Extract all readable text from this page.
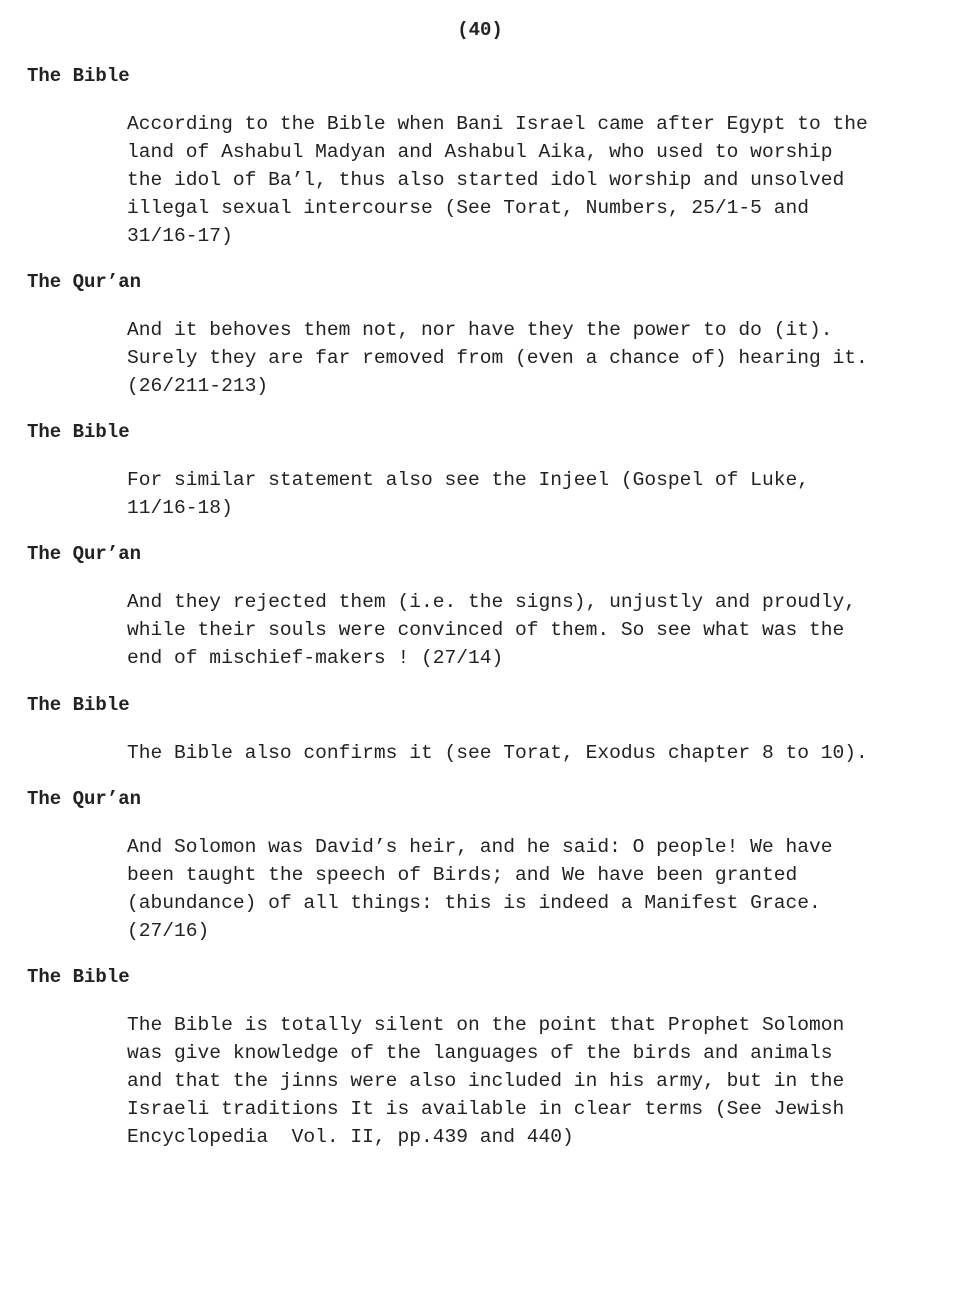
(40)
The Bible
According to the Bible when Bani Israel came after Egypt to the
land of Ashabul Madyan and Ashabul Aika, who used to worship
the idol of Ba’l, thus also started idol worship and unsolved
illegal sexual intercourse (See Torat, Numbers, 25/1-5 and
31/16-17)
The Qur’an
And it behoves them not, nor have they the power to do (it).
Surely they are far removed from (even a chance of) hearing it.
(26/211-213)
The Bible
For similar statement also see the Injeel (Gospel of Luke,
11/16-18)
The Qur’an
And they rejected them (i.e. the signs), unjustly and proudly,
while their souls were convinced of them. So see what was the
end of mischief-makers ! (27/14)
The Bible
The Bible also confirms it (see Torat, Exodus chapter 8 to 10).
The Qur’an
And Solomon was David’s heir, and he said: O people! We have
been taught the speech of Birds; and We have been granted
(abundance) of all things: this is indeed a Manifest Grace.
(27/16)
The Bible
The Bible is totally silent on the point that Prophet Solomon
was give knowledge of the languages of the birds and animals
and that the jinns were also included in his army, but in the
Israeli traditions It is available in clear terms (See Jewish
Encyclopedia  Vol. II, pp.439 and 440)
